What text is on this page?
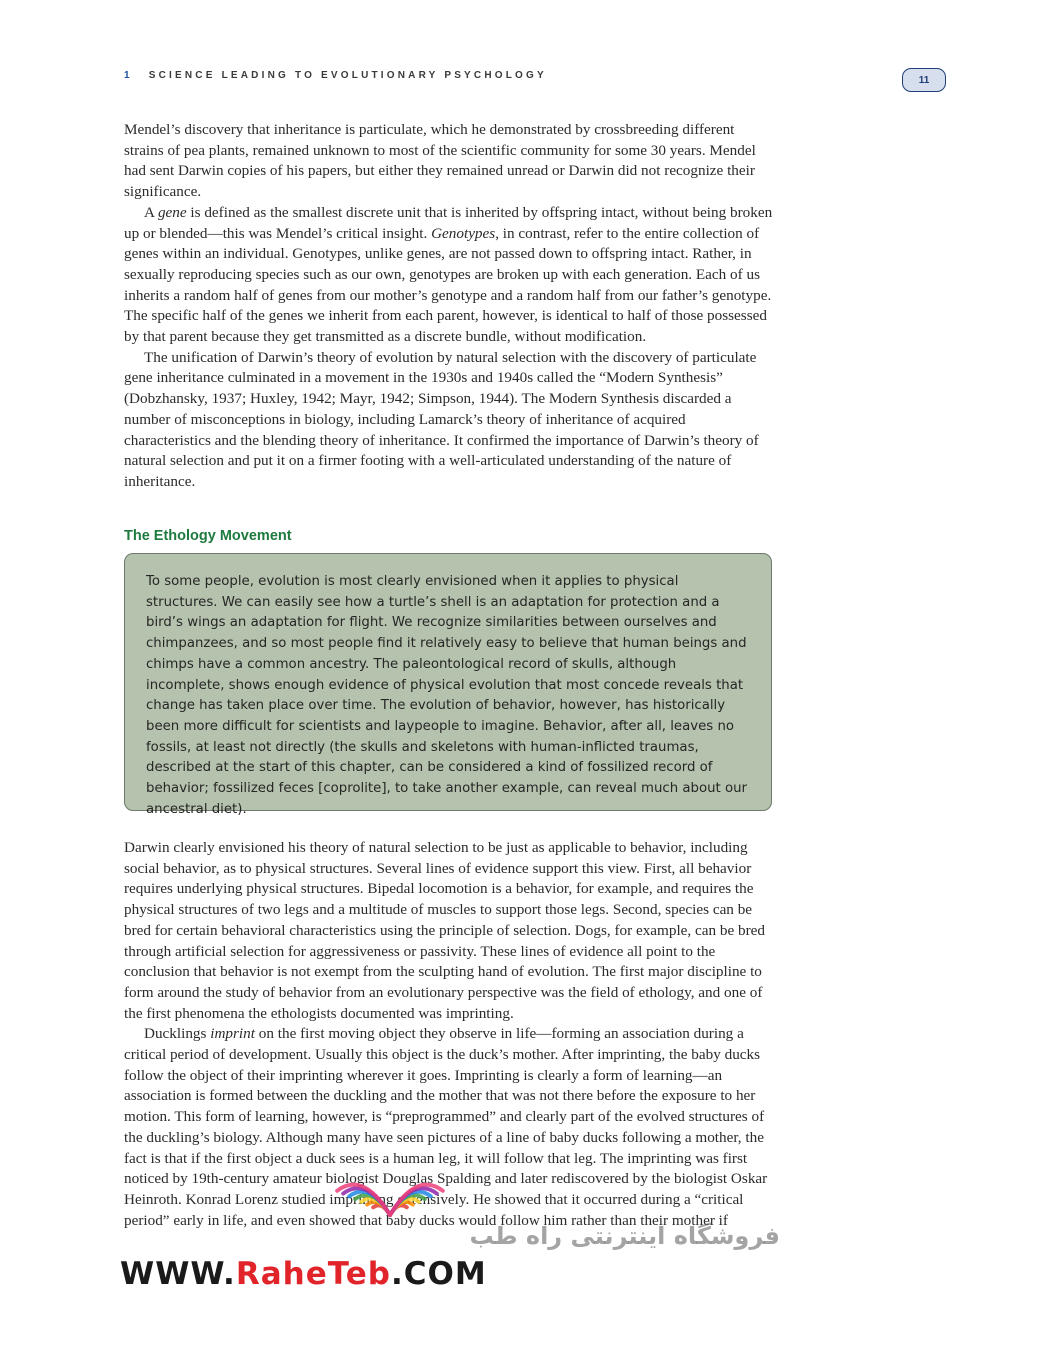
1 SCIENCE LEADING TO EVOLUTIONARY PSYCHOLOGY	11

Mendel’s discovery that inheritance is particulate, which he demonstrated by crossbreeding different strains of pea plants, remained unknown to most of the scientific community for some 30 years. Mendel had sent Darwin copies of his papers, but either they remained unread or Darwin did not recognize their significance.

A gene is defined as the smallest discrete unit that is inherited by offspring intact, without being broken up or blended—this was Mendel’s critical insight. Genotypes, in contrast, refer to the entire collection of genes within an individual. Genotypes, unlike genes, are not passed down to offspring intact. Rather, in sexually reproducing species such as our own, genotypes are broken up with each generation. Each of us inherits a random half of genes from our mother’s genotype and a random half from our father’s genotype. The specific half of the genes we inherit from each parent, however, is identical to half of those possessed by that parent because they get transmitted as a discrete bundle, without modification.

The unification of Darwin’s theory of evolution by natural selection with the discovery of particulate gene inheritance culminated in a movement in the 1930s and 1940s called the “Modern Synthesis” (Dobzhansky, 1937; Huxley, 1942; Mayr, 1942; Simpson, 1944). The Modern Synthesis discarded a number of misconceptions in biology, including Lamarck’s theory of inheritance of acquired characteristics and the blending theory of inheritance. It confirmed the importance of Darwin’s theory of natural selection and put it on a firmer footing with a well-articulated understanding of the nature of inheritance.

The Ethology Movement
To some people, evolution is most clearly envisioned when it applies to physical structures. We can easily see how a turtle’s shell is an adaptation for protection and a bird’s wings an adaptation for flight. We recognize similarities between ourselves and chimpanzees, and so most people find it relatively easy to believe that human beings and chimps have a common ancestry. The paleontological record of skulls, although incomplete, shows enough evidence of physical evolution that most concede reveals that change has taken place over time. The evolution of behavior, however, has historically been more difficult for scientists and laypeople to imagine. Behavior, after all, leaves no fossils, at least not directly (the skulls and skeletons with human-inflicted traumas, described at the start of this chapter, can be considered a kind of fossilized record of behavior; fossilized feces [coprolite], to take another example, can reveal much about our ancestral diet).

Darwin clearly envisioned his theory of natural selection to be just as applicable to behavior, including social behavior, as to physical structures. Several lines of evidence support this view. First, all behavior requires underlying physical structures. Bipedal locomotion is a behavior, for example, and requires the physical structures of two legs and a multitude of muscles to support those legs. Second, species can be bred for certain behavioral characteristics using the principle of selection. Dogs, for example, can be bred through artificial selection for aggressiveness or passivity. These lines of evidence all point to the conclusion that behavior is not exempt from the sculpting hand of evolution. The first major discipline to form around the study of behavior from an evolutionary perspective was the field of ethology, and one of the first phenomena the ethologists documented was imprinting.

Ducklings imprint on the first moving object they observe in life—forming an association during a critical period of development. Usually this object is the duck’s mother. After imprinting, the baby ducks follow the object of their imprinting wherever it goes. Imprinting is clearly a form of learning—an association is formed between the duckling and the mother that was not there before the exposure to her motion. This form of learning, however, is “preprogrammed” and clearly part of the evolved structures of the duckling’s biology. Although many have seen pictures of a line of baby ducks following a mother, the fact is that if the first object a duck sees is a human leg, it will follow that leg. The imprinting was first noticed by 19th-century amateur biologist Douglas Spalding and later rediscovered by the biologist Oskar Heinroth. Konrad Lorenz studied imprinting extensively. He showed that it occurred during a “critical period” early in life, and even showed that baby ducks would follow him rather than their mother if

فروشگاه اینترنتی راه طب
WWW.RaheTeb.COM
